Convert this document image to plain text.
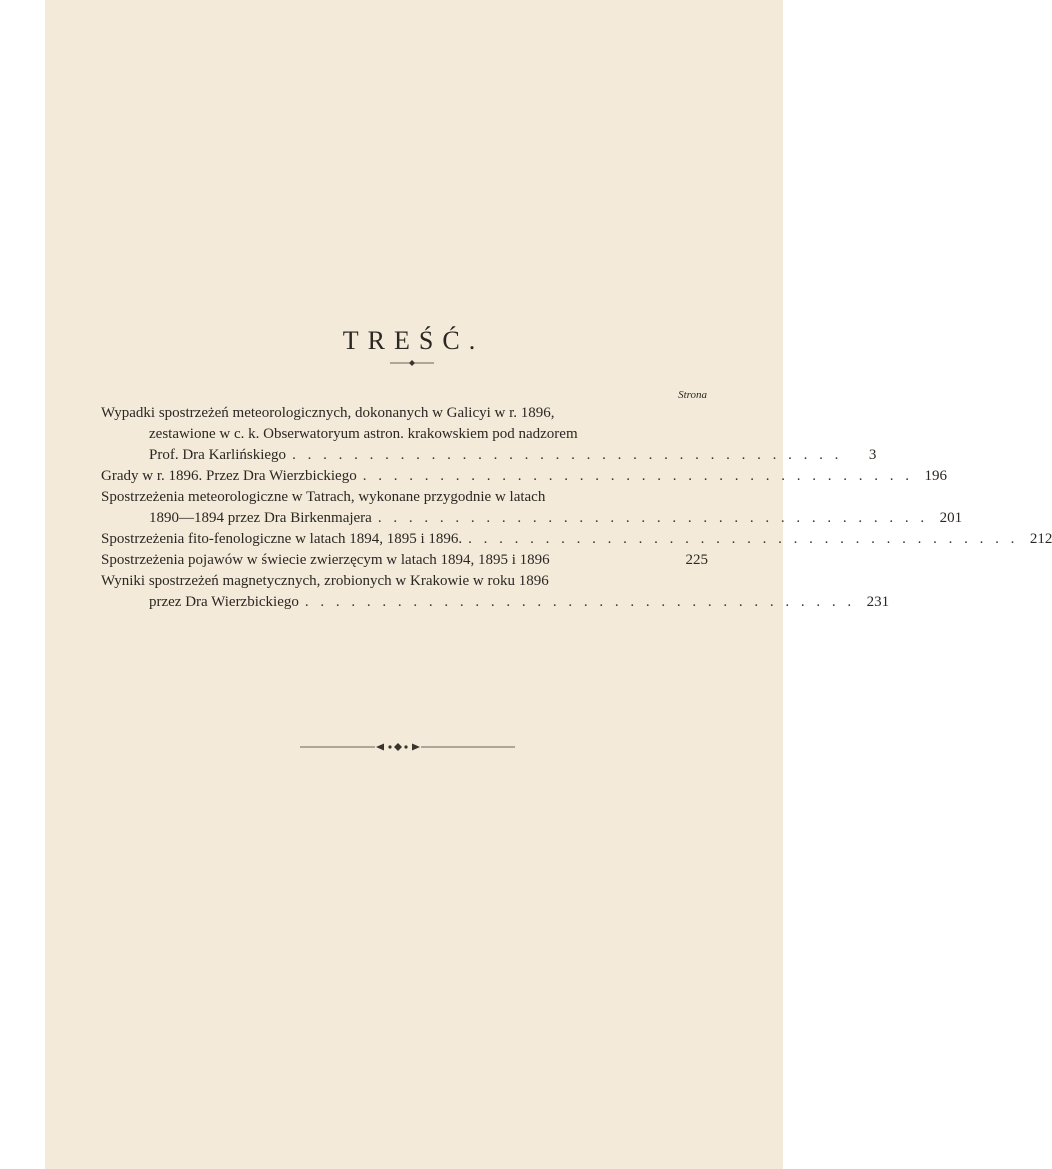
TREŚĆ.
Strona
Wypadki spostrzeżeń meteorologicznych, dokonanych w Galicyi w r. 1896,
zestawione w c. k. Obserwatoryum astron. krakowskiem pod nadzorem
Prof. Dra Karlińskiego . . . . . . . . . . . . . . . . . . . . . . . . . . . . . . . . . . . .	3
Grady w r. 1896. Przez Dra Wierzbickiego . . . . . . . . . . . . . . . . . . . . . . . . . . . . . . . . . . . . 196
Spostrzeżenia meteorologiczne w Tatrach, wykonane przygodnie w latach
1890—1894 przez Dra Birkenmajera . . . . . . . . . . . . . . . . . . . . . . . . . . . . . . . . . . . . 201
Spostrzeżenia fito-fenologiczne w latach 1894, 1895 i 1896. . . . . . . . . . . . . . . . . . . . . . . . . . . . . . . . . . . . . 212
Spostrzeżenia pojawów w świecie zwierzęcym w latach 1894, 1895 i 1896	225
Wyniki spostrzeżeń magnetycznych, zrobionych w Krakowie w roku 1896
przez Dra Wierzbickiego . . . . . . . . . . . . . . . . . . . . . . . . . . . . . . . . . . . . 231
